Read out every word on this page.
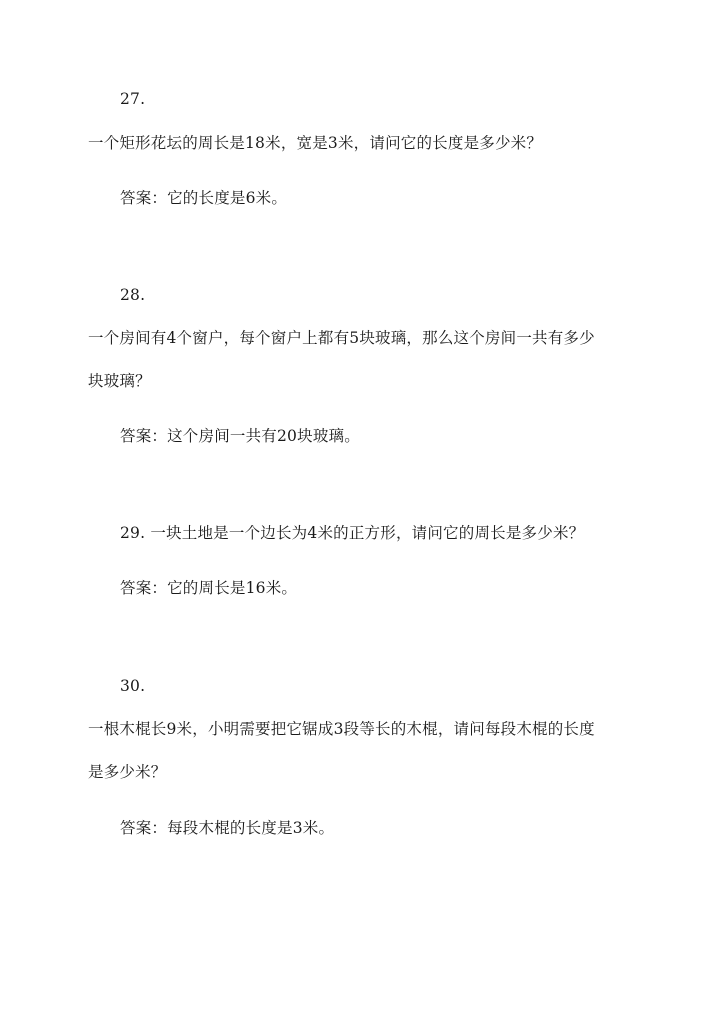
27.
一个矩形花坛的周长是18米，宽是3米，请问它的长度是多少米？
答案：它的长度是6米。
28.
一个房间有4个窗户，每个窗户上都有5块玻璃，那么这个房间一共有多少
块玻璃？
答案：这个房间一共有20块玻璃。
29. 一块土地是一个边长为4米的正方形，请问它的周长是多少米？
答案：它的周长是16米。
30.
一根木棍长9米，小明需要把它锯成3段等长的木棍，请问每段木棍的长度
是多少米？
答案：每段木棍的长度是3米。
